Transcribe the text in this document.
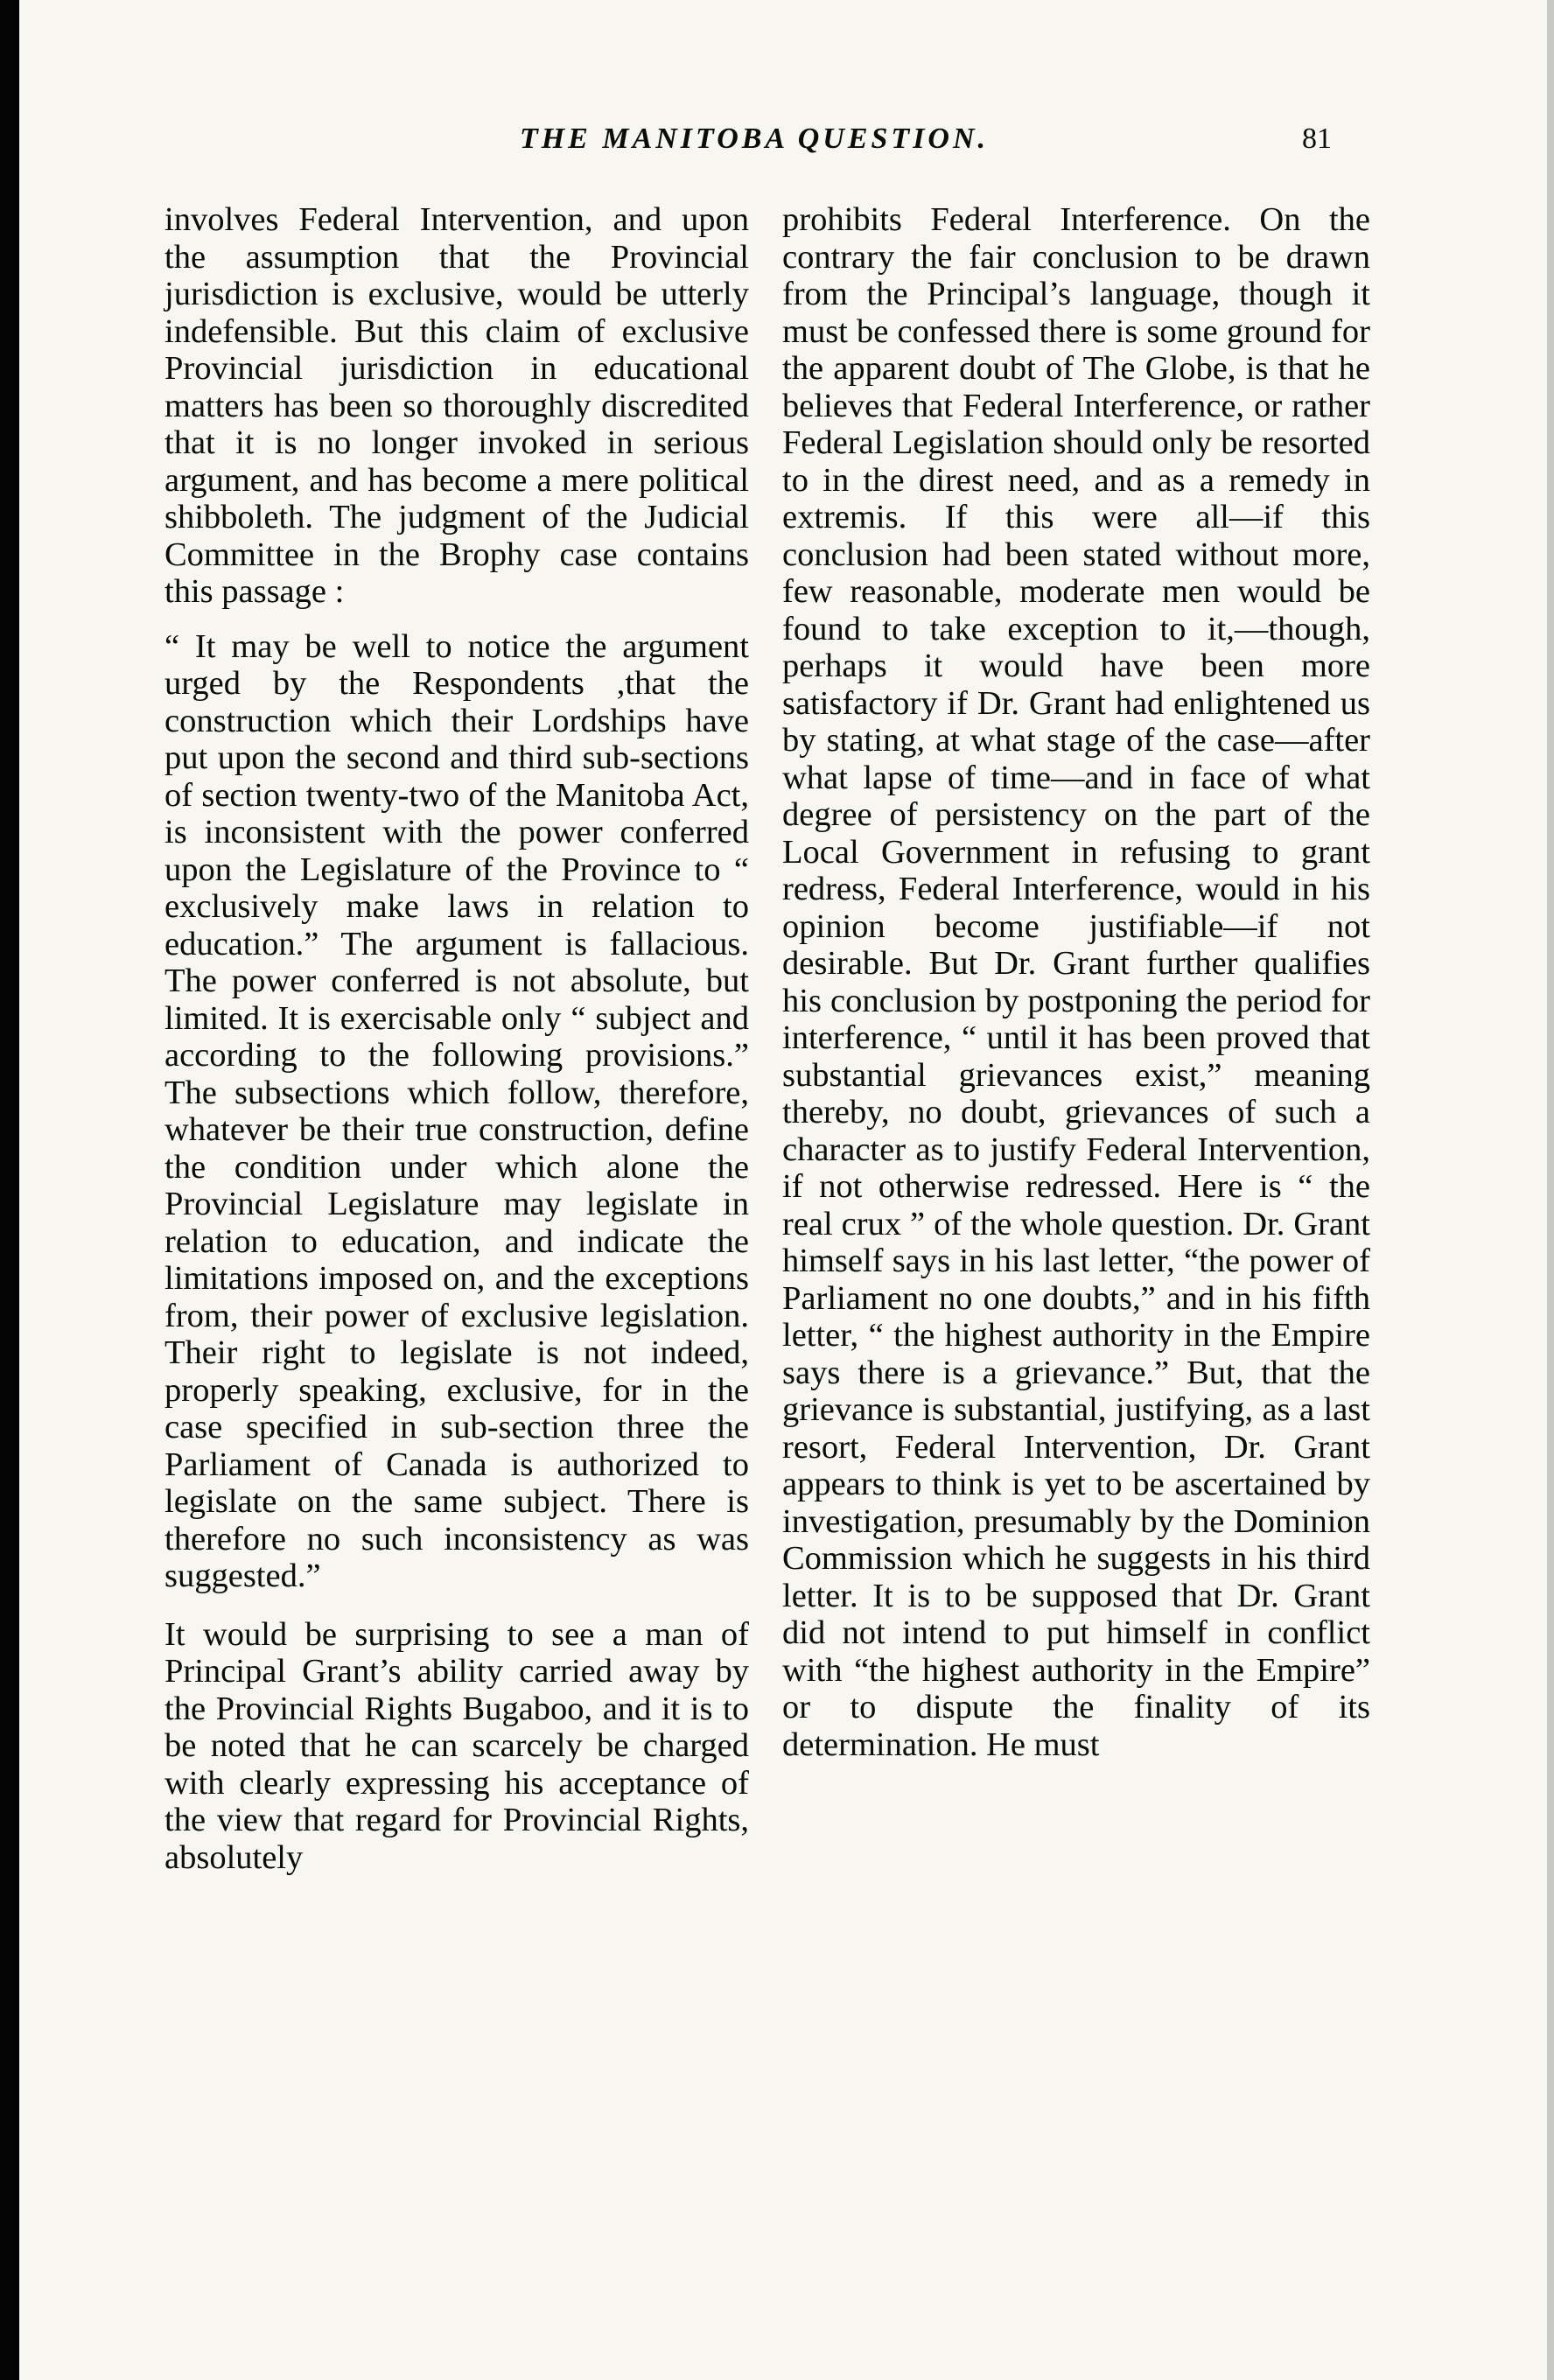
THE MANITOBA QUESTION.	81

involves Federal Intervention, and upon the assumption that the Provincial jurisdiction is exclusive, would be utterly indefensible. But this claim of exclusive Provincial jurisdiction in educational matters has been so thoroughly discredited that it is no longer invoked in serious argument, and has become a mere political shibboleth. The judgment of the Judicial Committee in the Brophy case contains this passage :

“ It may be well to notice the argument urged by the Respondents ,that the construction which their Lordships have put upon the second and third sub-sections of section twenty-two of the Manitoba Act, is inconsistent with the power conferred upon the Legislature of the Province to “ exclusively make laws in relation to education.” The argument is fallacious. The power conferred is not absolute, but limited. It is exercisable only “ subject and according to the following provisions.” The subsections which follow, therefore, whatever be their true construction, define the condition under which alone the Provincial Legislature may legislate in relation to education, and indicate the limitations imposed on, and the exceptions from, their power of exclusive legislation. Their right to legislate is not indeed, properly speaking, exclusive, for in the case specified in sub-section three the Parliament of Canada is authorized to legislate on the same subject. There is therefore no such inconsistency as was suggested.”

It would be surprising to see a man of Principal Grant’s ability carried away by the Provincial Rights Bugaboo, and it is to be noted that he can scarcely be charged with clearly expressing his acceptance of the view that regard for Provincial Rights, absolutely

prohibits Federal Interference. On the contrary the fair conclusion to be drawn from the Principal’s language, though it must be confessed there is some ground for the apparent doubt of The Globe, is that he believes that Federal Interference, or rather Federal Legislation should only be resorted to in the direst need, and as a remedy in extremis. If this were all—if this conclusion had been stated without more, few reasonable, moderate men would be found to take exception to it,—though, perhaps it would have been more satisfactory if Dr. Grant had enlightened us by stating, at what stage of the case—after what lapse of time—and in face of what degree of persistency on the part of the Local Government in refusing to grant redress, Federal Interference, would in his opinion become justifiable—if not desirable. But Dr. Grant further qualifies his conclusion by postponing the period for interference, “ until it has been proved that substantial grievances exist,” meaning thereby, no doubt, grievances of such a character as to justify Federal Intervention, if not otherwise redressed. Here is “ the real crux ” of the whole question. Dr. Grant himself says in his last letter, “the power of Parliament no one doubts,” and in his fifth letter, “ the highest authority in the Empire says there is a grievance.” But, that the grievance is substantial, justifying, as a last resort, Federal Intervention, Dr. Grant appears to think is yet to be ascertained by investigation, presumably by the Dominion Commission which he suggests in his third letter. It is to be supposed that Dr. Grant did not intend to put himself in conflict with “the highest authority in the Empire” or to dispute the finality of its determination. He must
